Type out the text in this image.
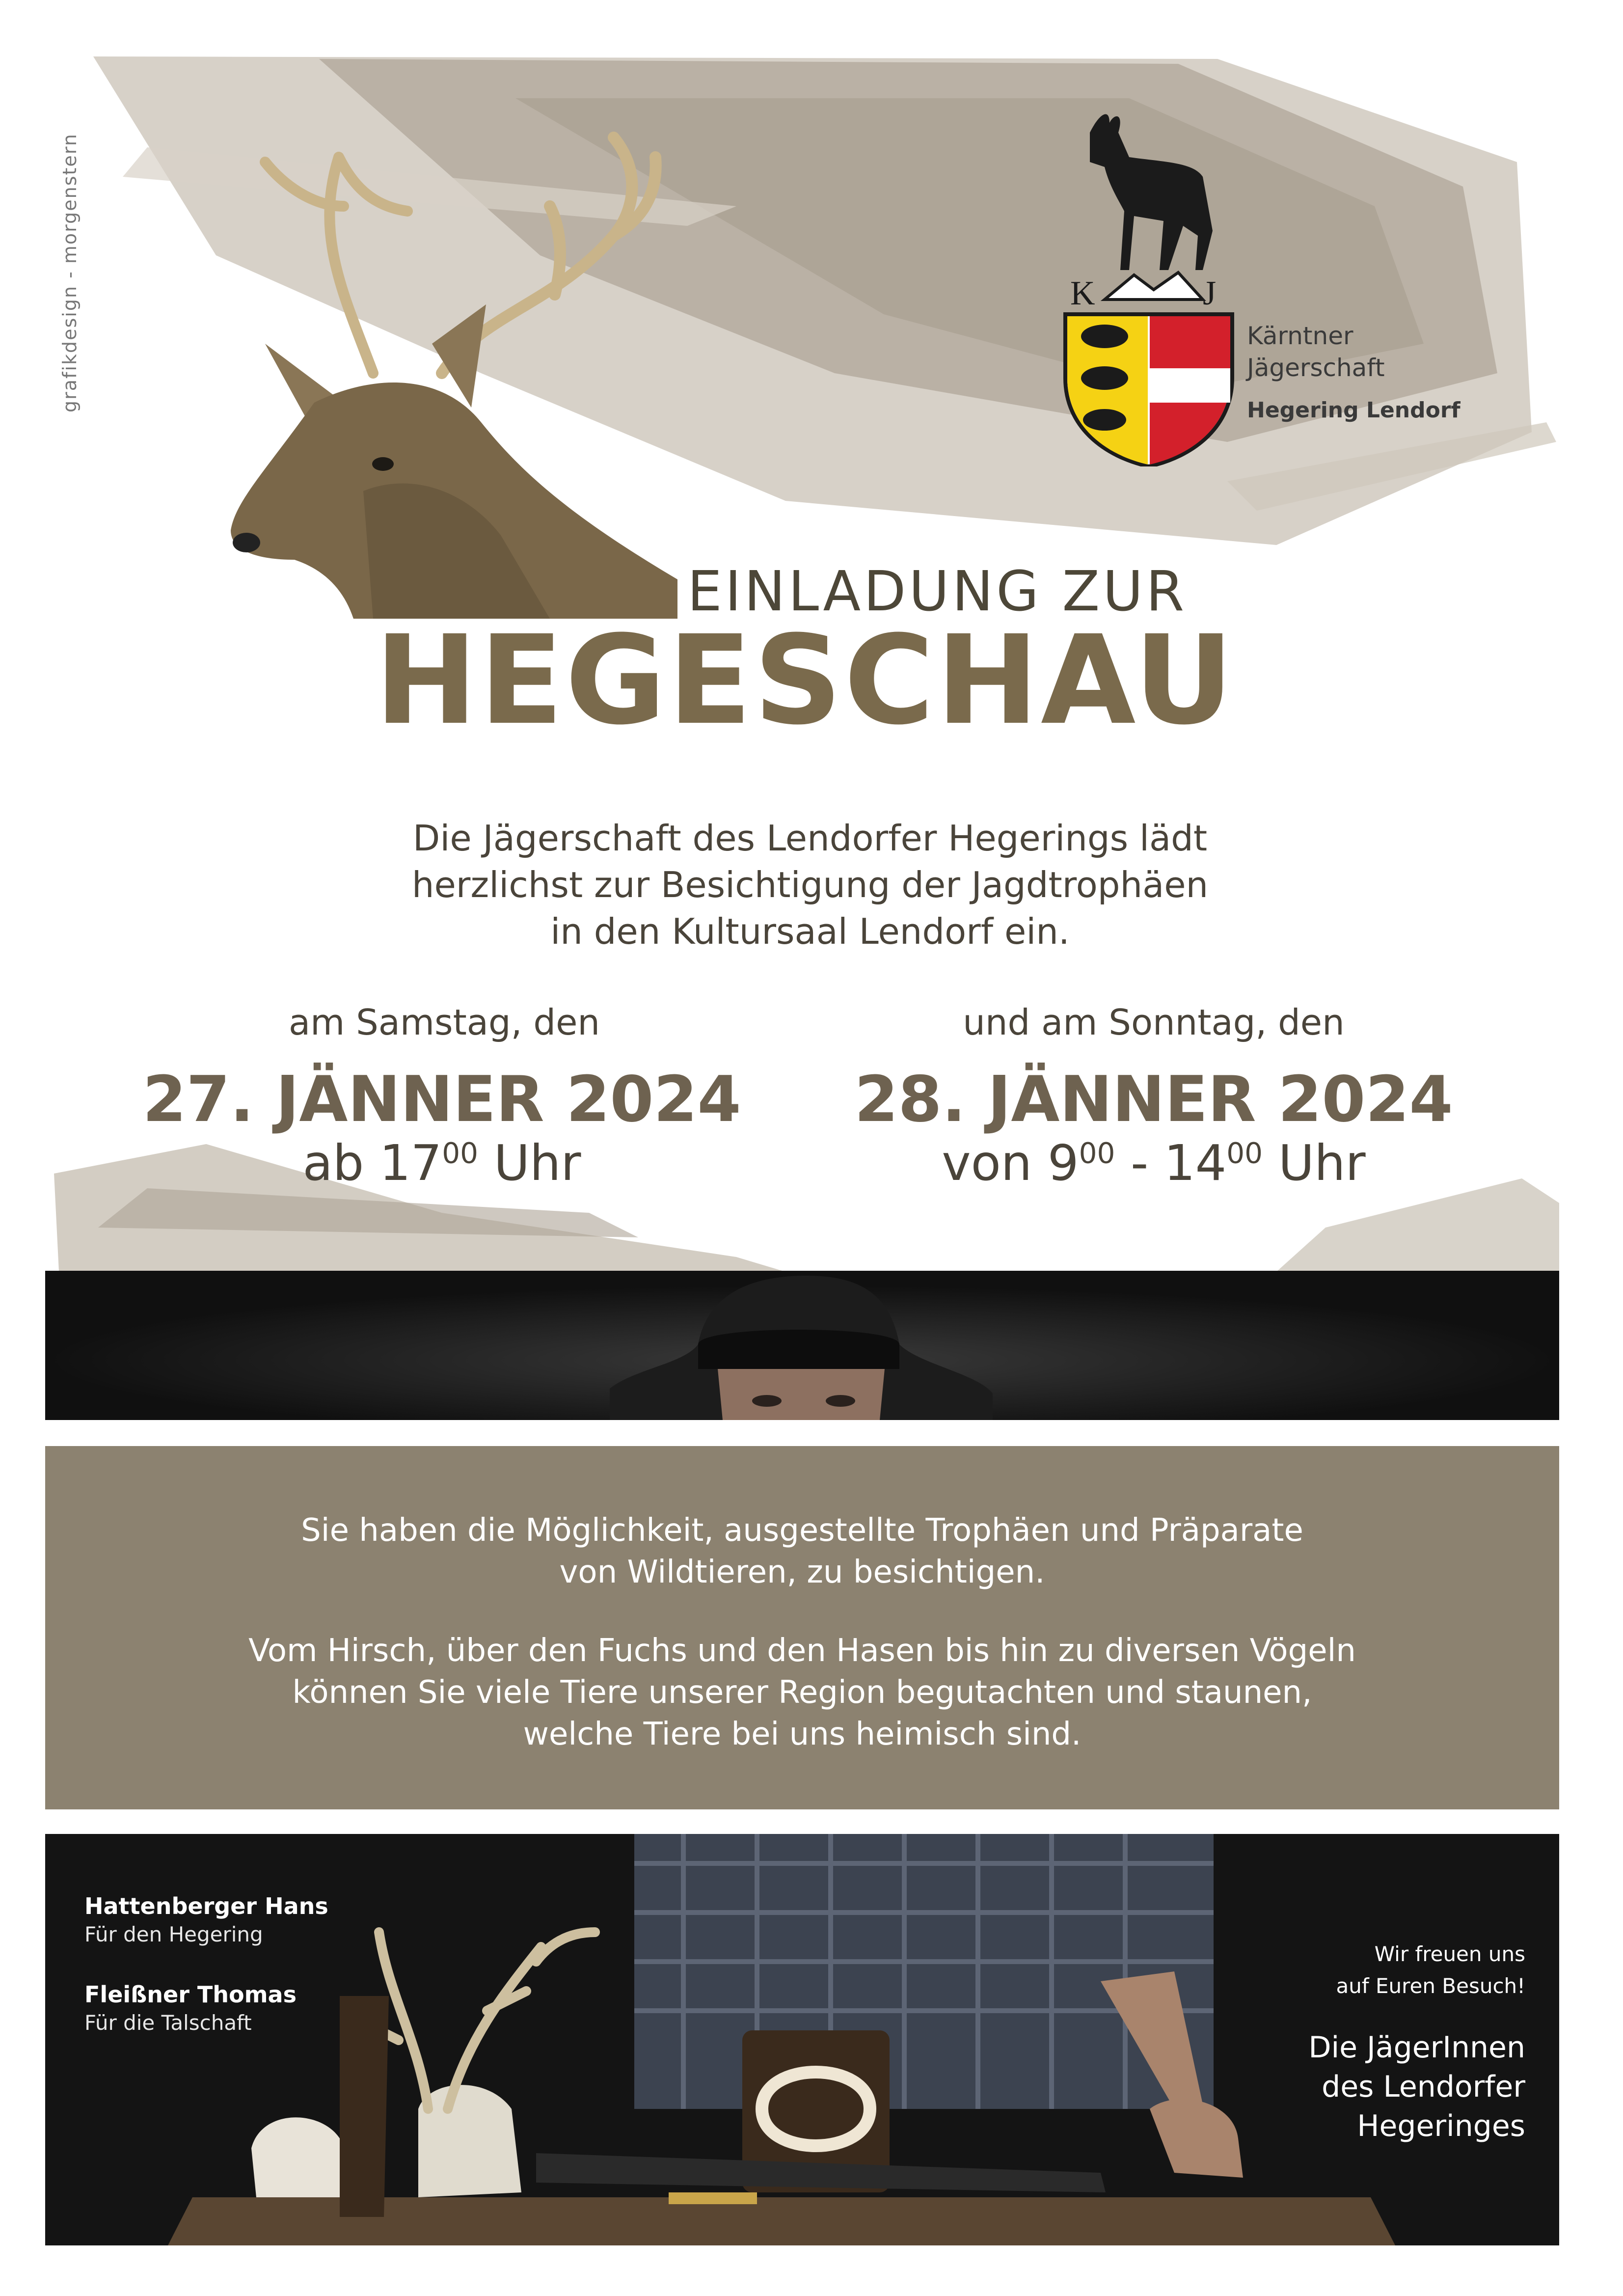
grafikdesign - morgenstern	K	J
Kärntner
Jägerschaft
Hegering Lendorf
EINLADUNG ZUR
HEGESCHAU
Die Jägerschaft des Lendorfer Hegerings lädt
herzlichst zur Besichtigung der Jagdtrophäen
in den Kultursaal Lendorf ein.
am Samstag, den	und am Sonntag, den
27. JÄNNER 2024	28. JÄNNER 2024
ab $17^{00}$ Uhr	von $9^{00} - 14^{00}$ Uhr
Sie haben die Möglichkeit, ausgestellte Trophäen und Präparate
von Wildtieren, zu besichtigen.
Vom Hirsch, über den Fuchs und den Hasen bis hin zu diversen Vögeln
können Sie viele Tiere unserer Region begutachten und staunen,
welche Tiere bei uns heimisch sind.
Hattenberger Hans
Für den Hegering
Fleißner Thomas
Für die Talschaft
Wir freuen uns
auf Euren Besuch!
Die JägerInnen
des Lendorfer
Hegeringes
